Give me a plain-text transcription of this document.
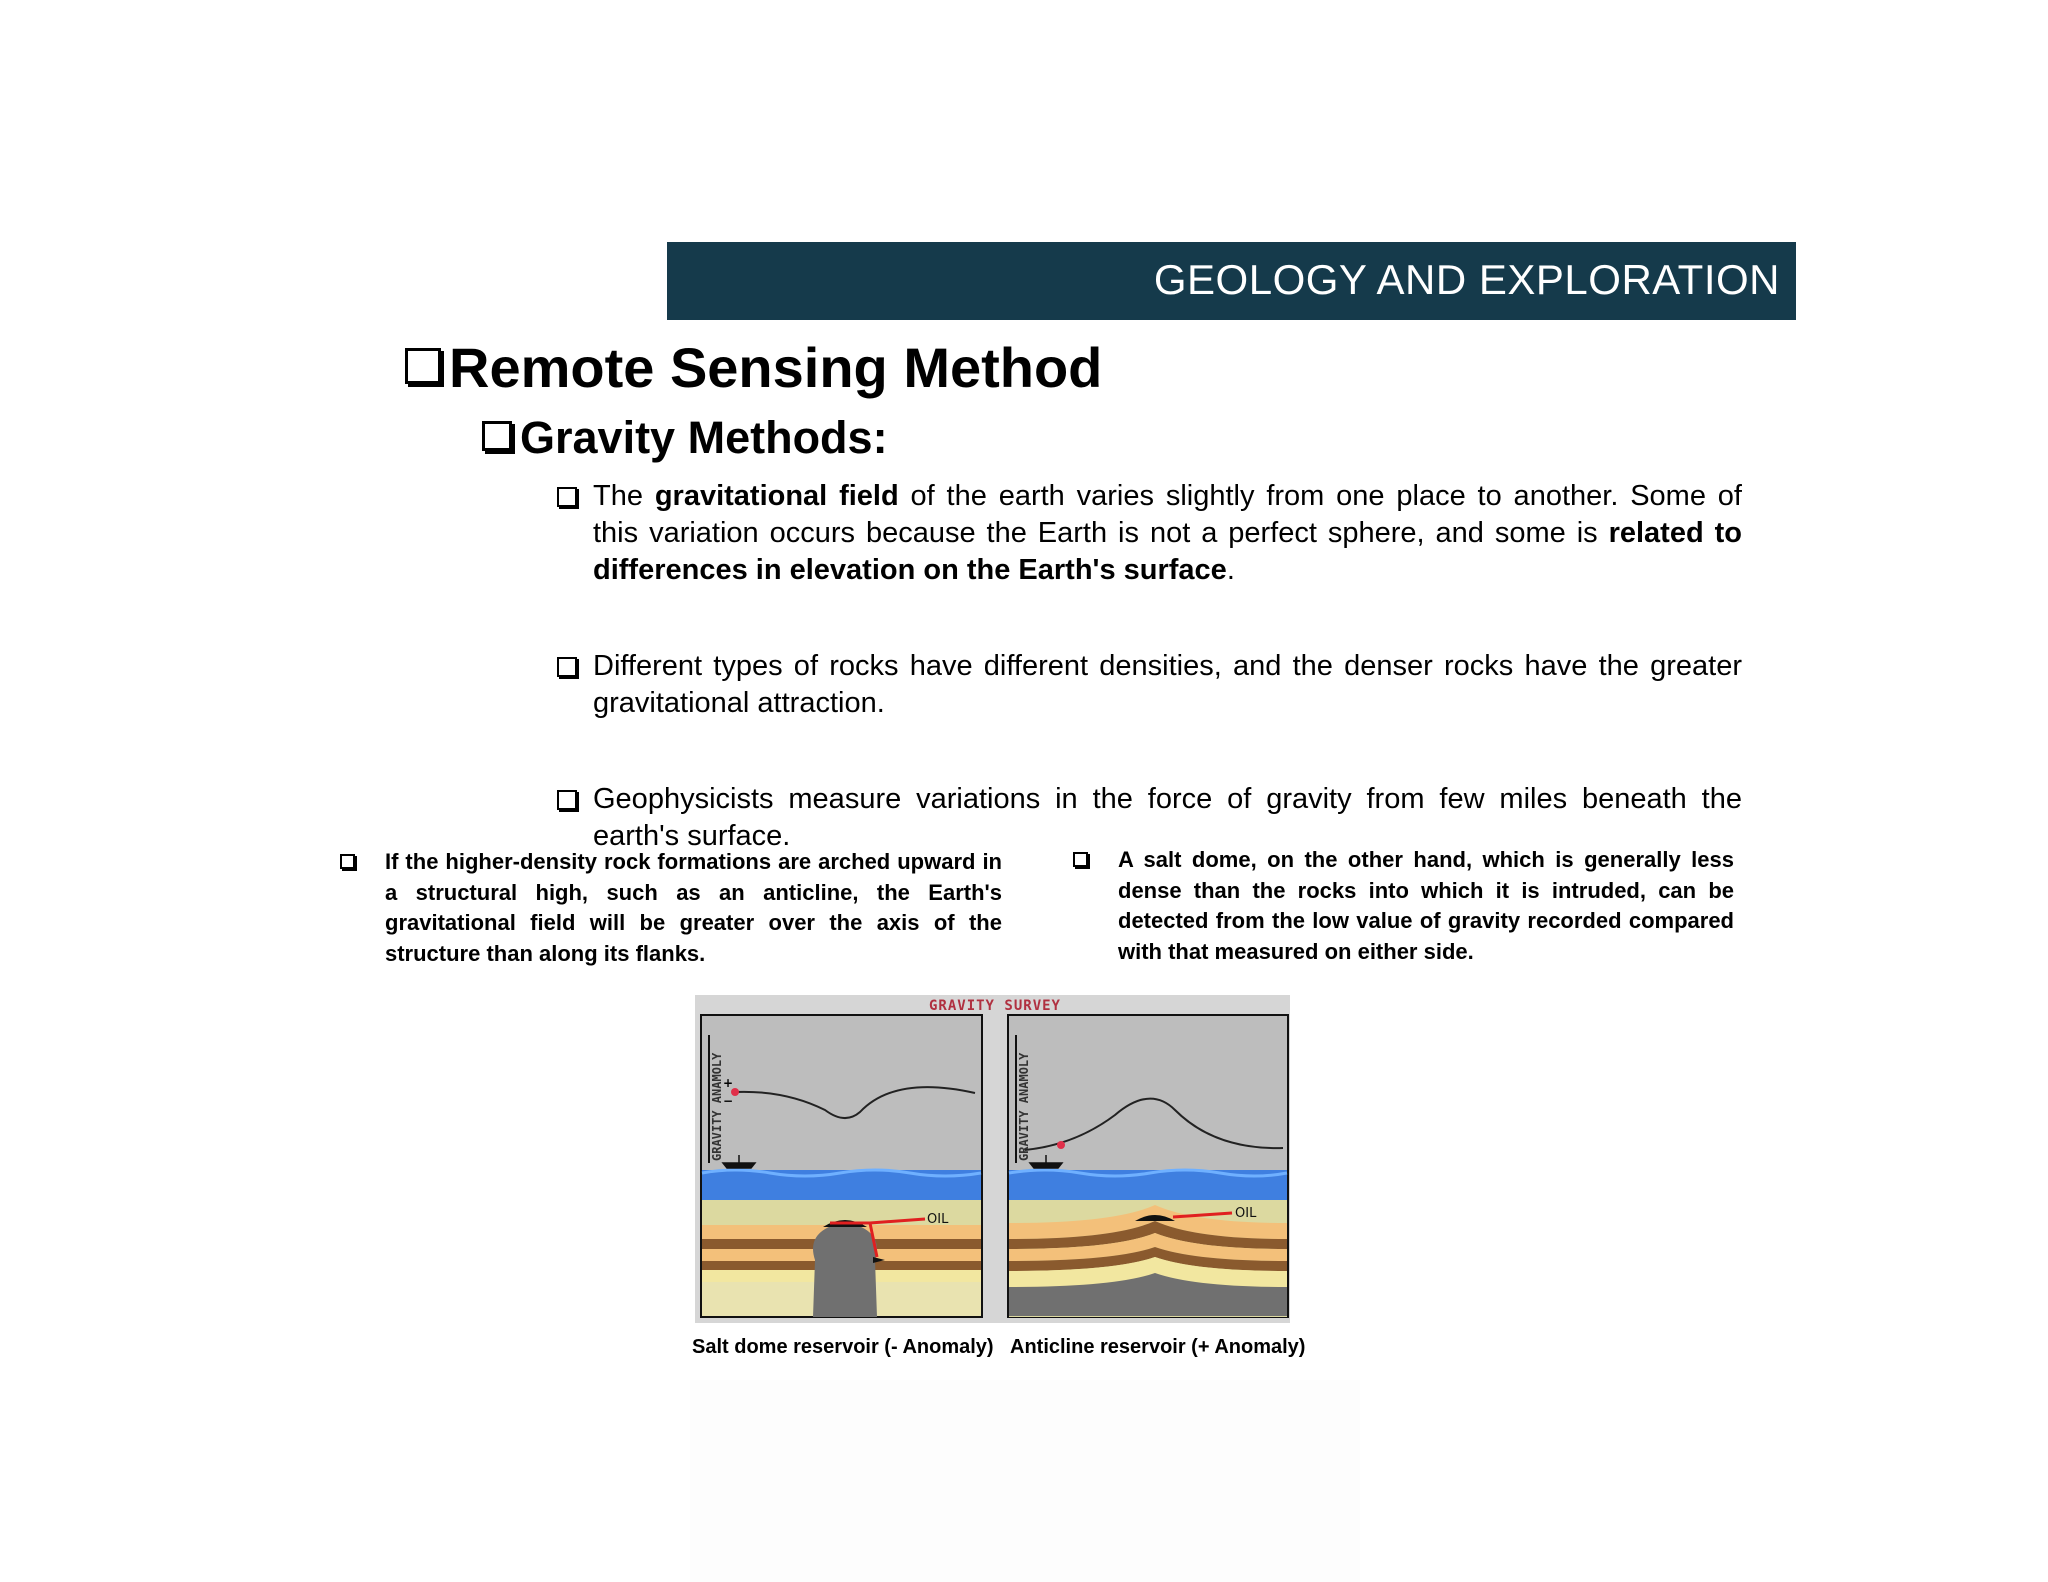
GEOLOGY AND EXPLORATION
Remote Sensing Method
Gravity Methods:

The gravitational field of the earth varies slightly from one place to another. Some of this variation occurs because the Earth is not a perfect sphere, and some is related to differences in elevation on the Earth's surface.

Different types of rocks have different densities, and the denser rocks have the greater gravitational attraction.

Geophysicists measure variations in the force of gravity from few miles beneath the earth's surface.

If the higher-density rock formations are arched upward in a structural high, such as an anticline, the Earth's gravitational field will be greater over the axis of the structure than along its flanks.

A salt dome, on the other hand, which is generally less dense than the rocks into which it is intruded, can be detected from the low value of gravity recorded compared with that measured on either side.

GRAVITY SURVEY
OIL
GRAVITY ANAMOLY +
−
OIL
GRAVITY ANAMOLY
Salt dome reservoir (- Anomaly) Anticline reservoir (+ Anomaly)
